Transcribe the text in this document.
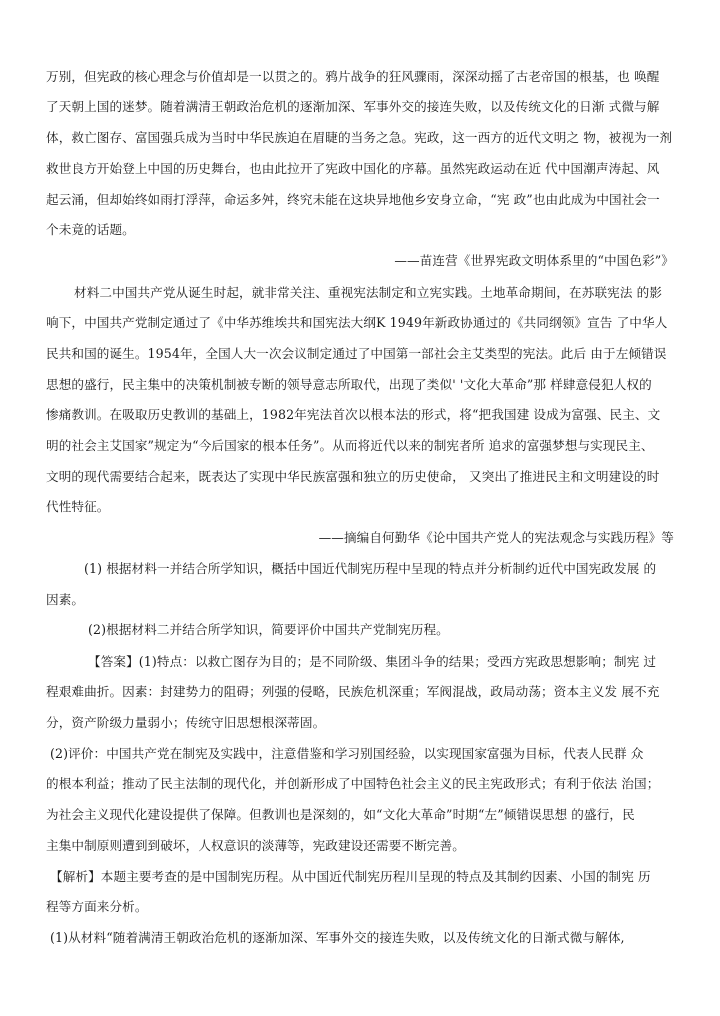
万别，但宪政的核心理念与价值却是一以贯之的。鸦片战争的狂风骤雨，深深动摇了古老帝国的根基，也 唤醒
了天朝上国的迷梦。随着满清王朝政治危机的逐渐加深、军事外交的接连失败，以及传统文化的日渐 式微与解
体，救亡图存、富国强兵成为当时中华民族迫在眉睫的当务之急。宪政，这一西方的近代文明之 物，被视为一剂
救世良方开始登上中国的历史舞台，也由此拉开了宪政中国化的序幕。虽然宪政运动在近 代中国潮声涛起、风
起云涌，但却始终如雨打浮萍，命运多舛，终究未能在这块异地他乡安身立命，“宪 政”也由此成为中国社会一
个未竟的话题。
——苗连营《世界宪政文明体系里的“中国色彩”》
材料二中国共产党从诞生时起，就非常关注、重视宪法制定和立宪实践。土地革命期间，在苏联宪法 的影
响下，中国共产党制定通过了《中华苏维埃共和国宪法大纲K 1949年新政协通过的《共同纲领》宣告 了中华人
民共和国的诞生。1954年，全国人大一次会议制定通过了中国第一部社会主艾类型的宪法。此后 由于左倾错误
思想的盛行，民主集中的决策机制被专断的领导意志所取代，出现了类似' '文化大革命”那 样肆意侵犯人权的
惨痛教训。在吸取历史教训的基础上，1982年宪法首次以根本法的形式，将“把我国建 设成为富强、民主、文
明的社会主艾国家”规定为“今后国家的根本任务”。从而将近代以来的制宪者所 追求的富强梦想与实现民主、
文明的现代需要结合起来，既表达了实现中华民族富强和独立的历史使命， 又突出了推进民主和文明建设的时
代性特征。
——摘编自何勤华《论中国共产党人的宪法观念与实践历程》等
(1) 根据材料一并结合所学知识，概括中国近代制宪历程中呈现的特点并分析制约近代中国宪政发展 的
因素。
(2)根据材料二并结合所学知识，简要评价中国共产党制宪历程。
【答案】(1)特点：以救亡图存为目的；是不同阶级、集团斗争的结果；受西方宪政思想影响；制宪 过
程艰难曲折。因素：封建势力的阻碍；列强的侵略，民族危机深重；军阀混战，政局动荡；资本主义发 展不充
分，资产阶级力量弱小；传统守旧思想根深蒂固。
(2)评价：中国共产党在制宪及实践中，注意借鉴和学习别国经验，以实现国家富强为目标，代表人民群 众
的根本利益；推动了民主法制的现代化，并创新形成了中国特色社会主义的民主宪政形式；有利于依法 治国；
为社会主义现代化建设提供了保障。但教训也是深刻的，如“文化大革命”时期“左”倾错误思想 的盛行，民
主集中制原则遭到到破坏，人权意识的淡薄等，宪政建设还需要不断完善。
【解析】本题主要考查的是中国制宪历程。从中国近代制宪历程川呈现的特点及其制约因素、小国的制宪 历
程等方面来分析。
(1)从材料“随着满清王朝政治危机的逐渐加深、军事外交的接连失败，以及传统文化的日渐式微与解体,
